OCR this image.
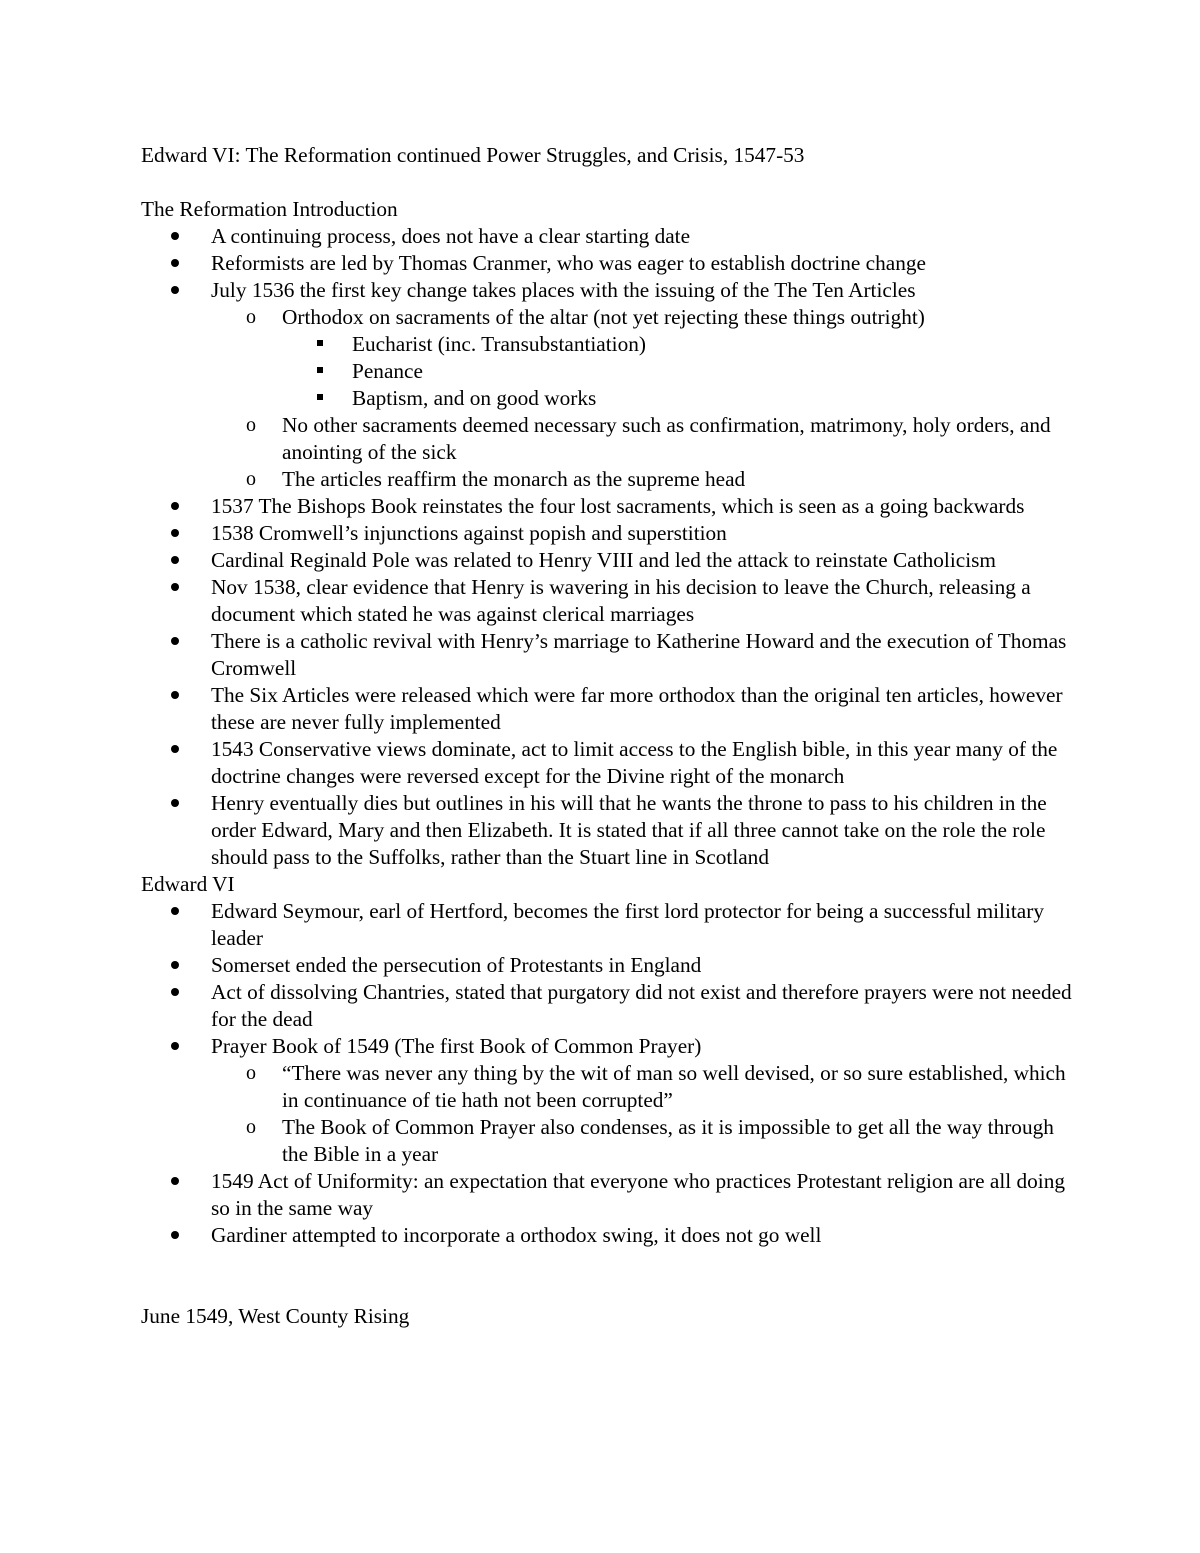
Edward VI: The Reformation continued Power Struggles, and Crisis, 1547-53

The Reformation Introduction

A continuing process, does not have a clear starting date
Reformists are led by Thomas Cranmer, who was eager to establish doctrine change
July 1536 the first key change takes places with the issuing of the The Ten Articles
o Orthodox on sacraments of the altar (not yet rejecting these things outright)
Eucharist (inc. Transubstantiation)
Penance
Baptism, and on good works
o No other sacraments deemed necessary such as confirmation, matrimony, holy orders, and anointing of the sick
o The articles reaffirm the monarch as the supreme head
1537 The Bishops Book reinstates the four lost sacraments, which is seen as a going backwards
1538 Cromwell’s injunctions against popish and superstition
Cardinal Reginald Pole was related to Henry VIII and led the attack to reinstate Catholicism
Nov 1538, clear evidence that Henry is wavering in his decision to leave the Church, releasing a document which stated he was against clerical marriages
There is a catholic revival with Henry’s marriage to Katherine Howard and the execution of Thomas Cromwell
The Six Articles were released which were far more orthodox than the original ten articles, however these are never fully implemented
1543 Conservative views dominate, act to limit access to the English bible, in this year many of the doctrine changes were reversed except for the Divine right of the monarch
Henry eventually dies but outlines in his will that he wants the throne to pass to his children in the order Edward, Mary and then Elizabeth. It is stated that if all three cannot take on the role the role should pass to the Suffolks, rather than the Stuart line in Scotland

Edward VI

Edward Seymour, earl of Hertford, becomes the first lord protector for being a successful military leader
Somerset ended the persecution of Protestants in England
Act of dissolving Chantries, stated that purgatory did not exist and therefore prayers were not needed for the dead
Prayer Book of 1549 (The first Book of Common Prayer)
o “There was never any thing by the wit of man so well devised, or so sure established, which in continuance of tie hath not been corrupted”
o The Book of Common Prayer also condenses, as it is impossible to get all the way through the Bible in a year
1549 Act of Uniformity: an expectation that everyone who practices Protestant religion are all doing so in the same way
Gardiner attempted to incorporate a orthodox swing, it does not go well

June 1549, West County Rising
